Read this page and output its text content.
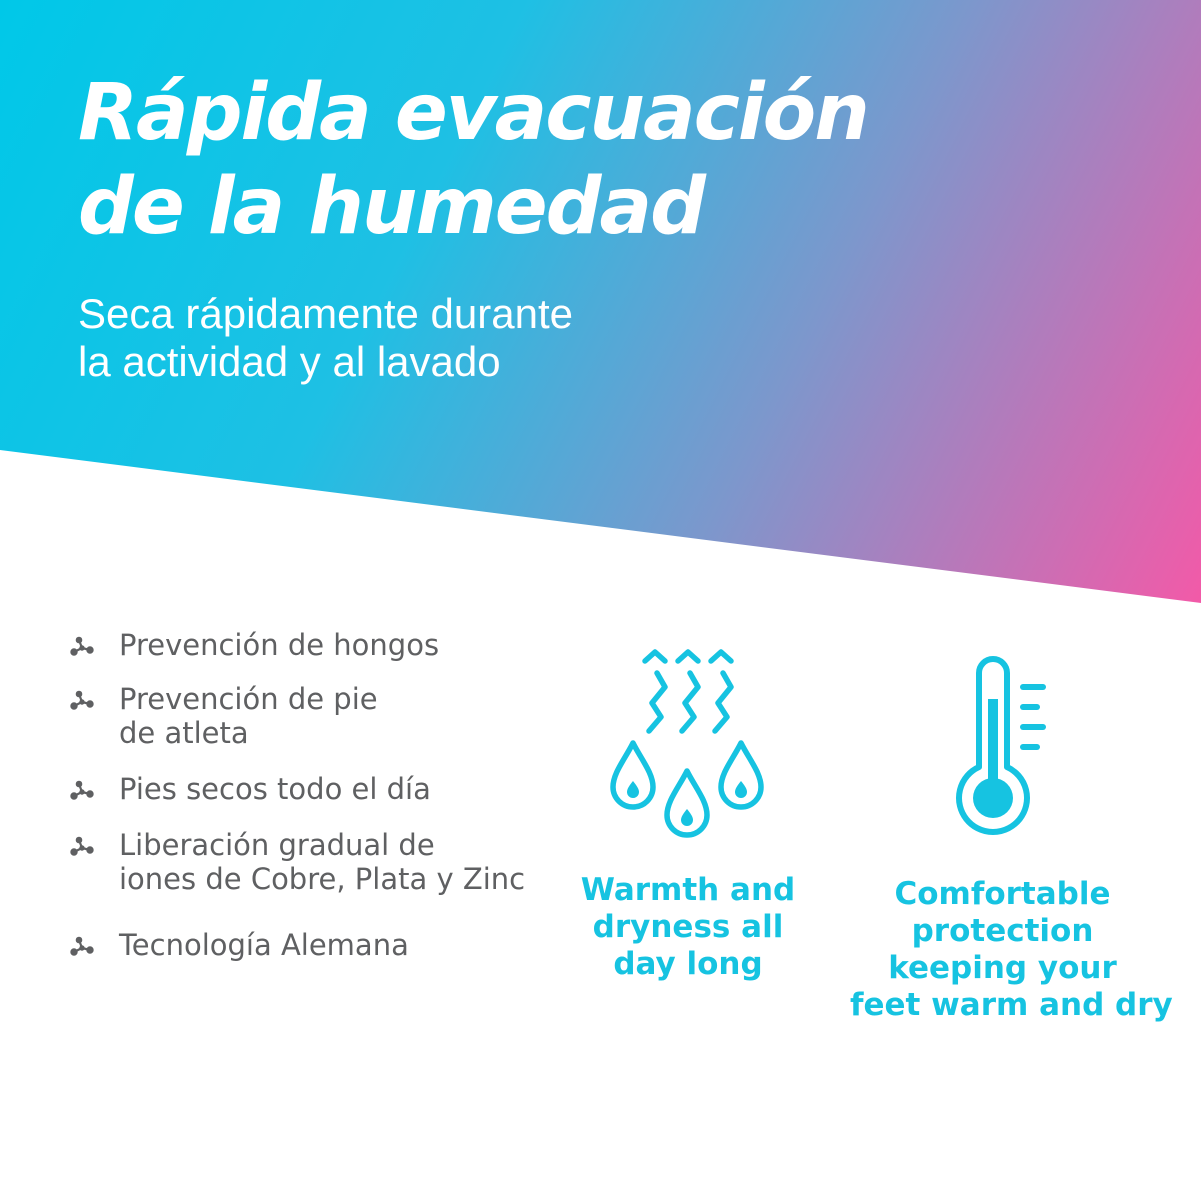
Rápida evacuación
de la humedad

Seca rápidamente durante
la actividad y al lavado

Prevención de hongos
Prevención de pie
de atleta
Pies secos todo el día
Liberación gradual de
iones de Cobre, Plata y Zinc
Tecnología Alemana
Warmth and
dryness all
day long
Comfortable
protection
keeping your
feet warm and dry
